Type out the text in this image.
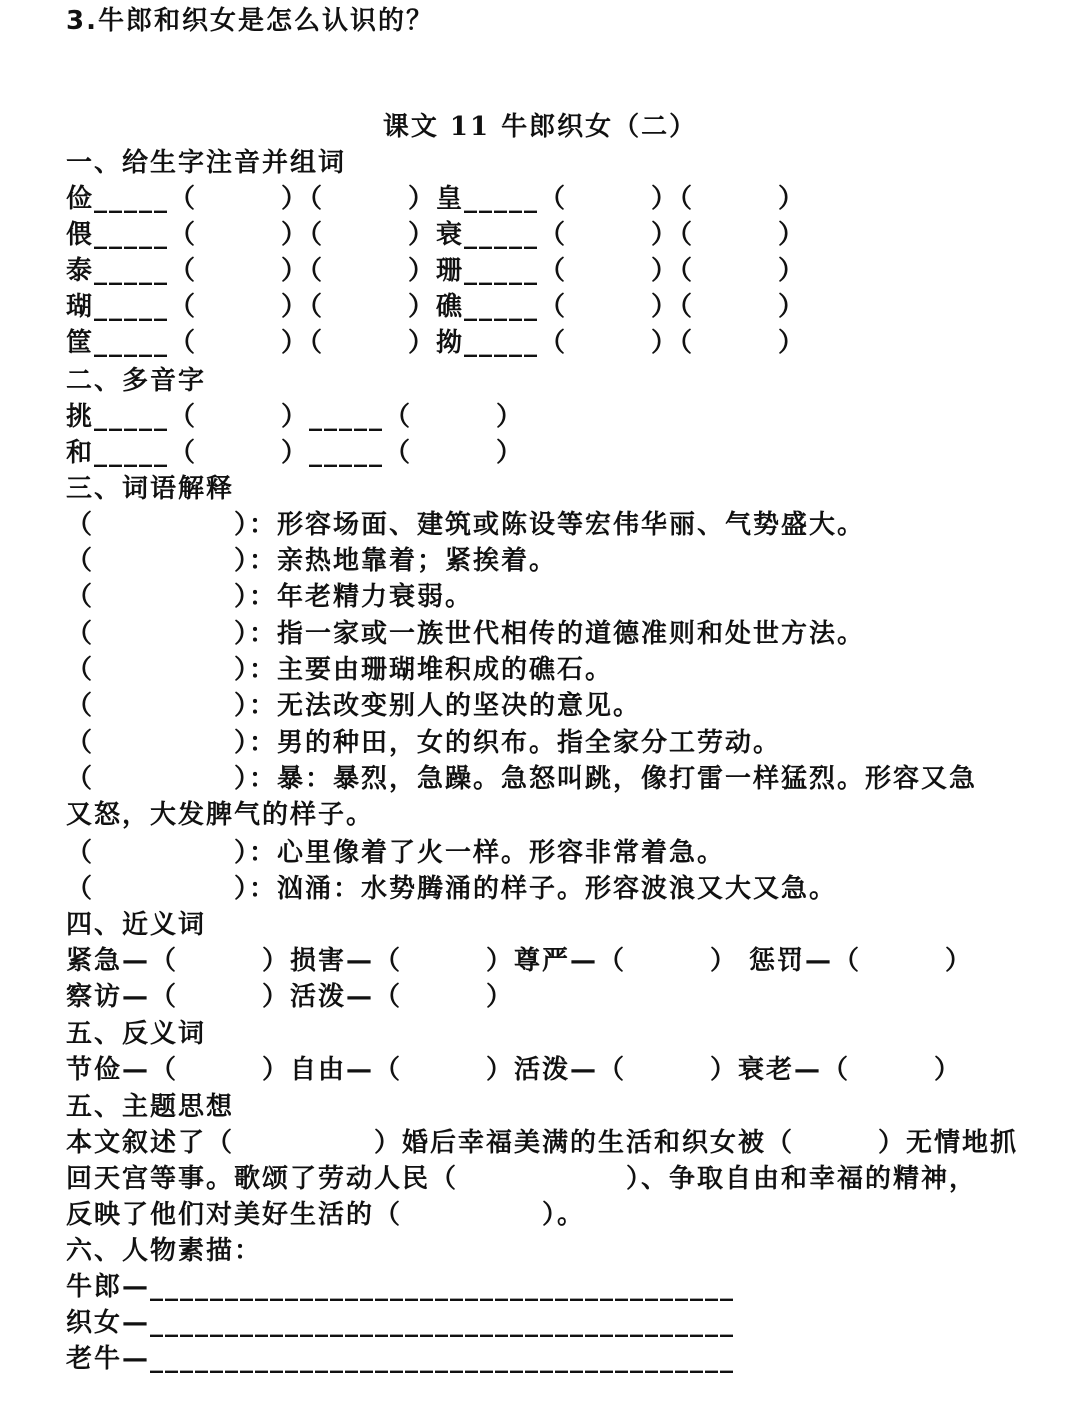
3.牛郎和织女是怎么认识的？
课文 11 牛郎织女（二）
一、给生字注音并组词
俭_____（　　　）（　　　）皇_____（　　　）（　　　）
偎_____（　　　）（　　　）衰_____（　　　）（　　　）
泰_____（　　　）（　　　）珊_____（　　　）（　　　）
瑚_____（　　　）（　　　）礁_____（　　　）（　　　）
筐_____（　　　）（　　　）拗_____（　　　）（　　　）
二、多音字
挑_____（　　　）_____（　　　）
和_____（　　　）_____（　　　）
三、词语解释
（　　　　　）：形容场面、建筑或陈设等宏伟华丽、气势盛大。
（　　　　　）：亲热地靠着；紧挨着。
（　　　　　）：年老精力衰弱。
（　　　　　）：指一家或一族世代相传的道德准则和处世方法。
（　　　　　）：主要由珊瑚堆积成的礁石。
（　　　　　）：无法改变别人的坚决的意见。
（　　　　　）：男的种田，女的织布。指全家分工劳动。
（　　　　　）：暴：暴烈，急躁。急怒叫跳，像打雷一样猛烈。形容又急
又怒，大发脾气的样子。
（　　　　　）：心里像着了火一样。形容非常着急。
（　　　　　）：汹涌：水势腾涌的样子。形容波浪又大又急。
四、近义词
紧急—（　　　）损害—（　　　）尊严—（　　　） 惩罚—（　　　）
察访—（　　　）活泼—（　　　）
五、反义词
节俭—（　　　）自由—（　　　）活泼—（　　　）衰老—（　　　）
五、主题思想
本文叙述了（　　　　　）婚后幸福美满的生活和织女被（　　　）无情地抓
回天宫等事。歌颂了劳动人民（　　　　　　）、争取自由和幸福的精神，
反映了他们对美好生活的（　　　　　）。
六、人物素描：
牛郎—_______________________________________
织女—_______________________________________
老牛—_______________________________________
